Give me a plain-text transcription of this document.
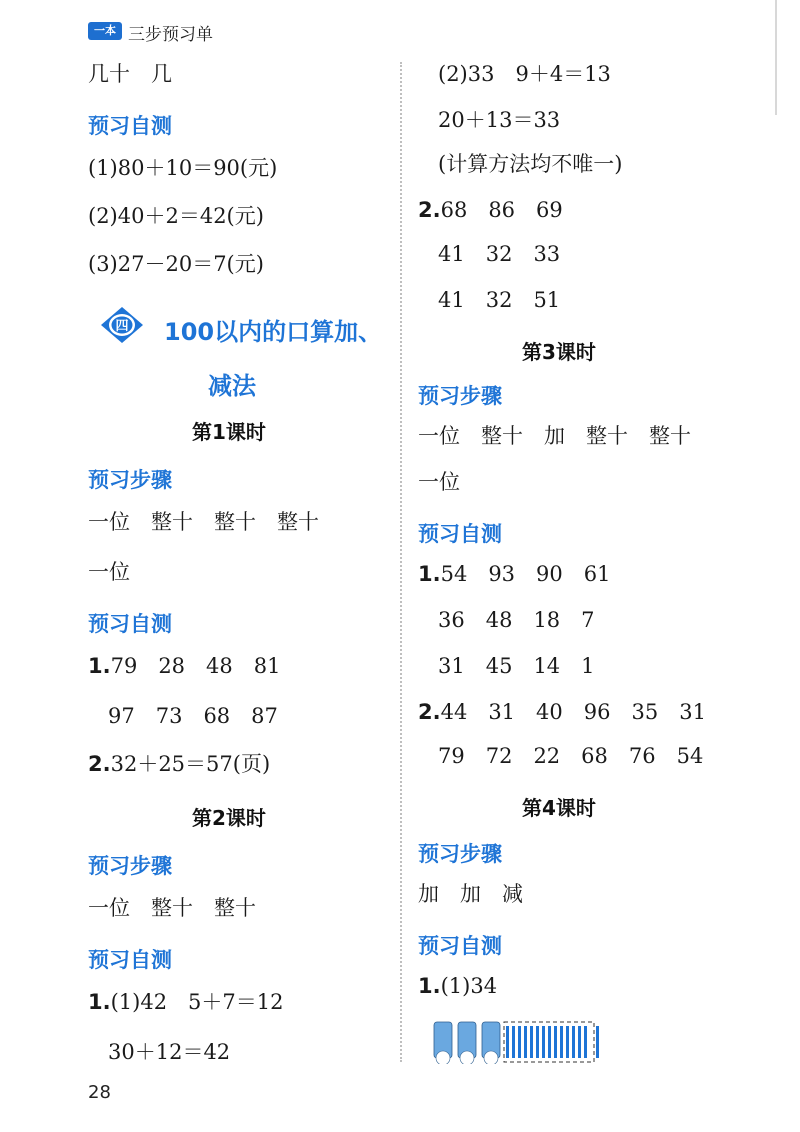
一本 三步预习单
几十　几
预习自测
(1)80＋10＝90(元)
(2)40＋2＝42(元)
(3)27－20＝7(元)
四 100以内的口算加、
减法
第1课时
预习步骤
一位　整十　整十　整十
一位
预习自测
1.79　28　48　81
97　73　68　87
2.32＋25＝57(页)
第2课时
预习步骤
一位　整十　整十
预习自测
1.(1)42　5＋7＝12
30＋12＝42
(2)33　9＋4＝13
20＋13＝33
(计算方法均不唯一)
2.68　86　69
41　32　33
41　32　51
第3课时
预习步骤
一位　整十　加　整十　整十
一位
预习自测
1.54　93　90　61
36　48　18　7
31　45　14　1
2.44　31　40　96　35　31
79　72　22　68　76　54
第4课时
预习步骤
加　加　减
预习自测
1.(1)34
28
